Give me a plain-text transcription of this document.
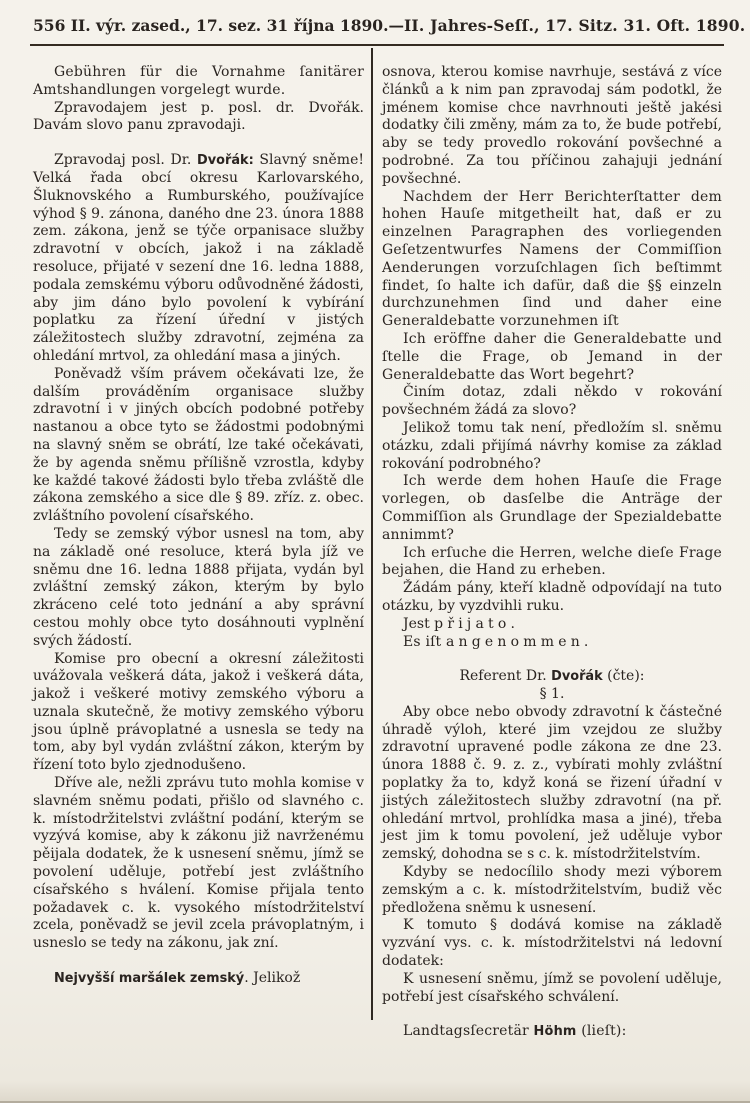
556 II. výr. zased., 17. sez. 31 října 1890. — II. Jahres-Seſſ., 17. Sitz. 31. Oft. 1890.

Gebühren für die Vornahme ſanitärer Amtshandlungen vorgelegt wurde.

Zpravodajem jest p. posl. dr. Dvořák. Davám slovo panu zpravodaji.

Zpravodaj posl. Dr. Dvořák: Slavný sněme! Velká řada obcí okresu Karlovarského, Šluknovského a Rumburského, používajíce výhod § 9. zánona, daného dne 23. února 1888 zem. zákona, jenž se týče orpanisace služby zdravotní v obcích, jakož i na základě resoluce, přijaté v sezení dne 16. ledna 1888, podala zemskému výboru odůvodněné žádosti, aby jim dáno bylo povolení k vybírání poplatku za řízení úřední v jistých záležitostech služby zdravotní, zejména za ohledání mrtvol, za ohledání masa a jiných.

Poněvadž vším právem očekávati lze, že dalším prováděním organisace služby zdravotní i v jiných obcích podobné potřeby nastanou a obce tyto se žádostmi podobnými na slavný sněm se obrátí, lze také očekávati, že by agenda sněmu přílišně vzrostla, kdyby ke každé takové žádosti bylo třeba zvláště dle zákona zemského a sice dle § 89. zříz. z. obec. zvláštního povolení císařského.

Tedy se zemský výbor usnesl na tom, aby na základě oné resoluce, která byla jíž ve sněmu dne 16. ledna 1888 přijata, vydán byl zvláštní zemský zákon, kterým by bylo zkráceno celé toto jednání a aby správní cestou mohly obce tyto dosáhnouti vyplnění svých žádostí.

Komise pro obecní a okresní záležitosti uvážovala veškerá dáta, jakož i veškerá dáta, jakož i veškeré motivy zemského výboru a uznala skutečně, že motivy zemského výboru jsou úplně právoplatné a usnesla se tedy na tom, aby byl vydán zvláštní zákon, kterým by řízení toto bylo zjednodušeno.

Dříve ale, nežli zprávu tuto mohla komise v slavném sněmu podati, přišlo od slavného c. k. místodržitelstvi zvláštní podání, kterým se vyzývá komise, aby k zákonu již navrženému pěijala dodatek, že k usnesení sněmu, jímž se povolení uděluje, potřebí jest zvláštního císařského s hválení. Komise přijala tento požadavek c. k. vysokého místodržitelství zcela, poněvadž se jevil zcela právoplatným, i usneslo se tedy na zákonu, jak zní.

Nejvyšší maršálek zemský. Jelikož

osnova, kterou komise navrhuje, sestává z více článků a k nim pan zpravodaj sám podotkl, že jménem komise chce navrhnouti ještě jakési dodatky čili změny, mám za to, že bude potřebí, aby se tedy provedlo rokování povšechné a podrobné. Za tou příčinou zahajuji jednání povšechné.

Nachdem der Herr Berichterſtatter dem hohen Hauſe mitgetheilt hat, daß er zu einzelnen Paragraphen des vorliegenden Geſetzentwurfes Namens der Commiſſion Aenderungen vorzuſchlagen ſich beſtimmt findet, ſo halte ich dafür, daß die §§ einzeln durchzunehmen ſind und daher eine Generaldebatte vorzunehmen iſt

Ich eröffne daher die Generaldebatte und ſtelle die Frage, ob Jemand in der Generaldebatte das Wort begehrt?

Činím dotaz, zdali někdo v rokování povšechném žádá za slovo?

Jelikož tomu tak není, předložím sl. sněmu otázku, zdali přijímá návrhy komise za základ rokování podrobného?

Ich werde dem hohen Hauſe die Frage vorlegen, ob dasſelbe die Anträge der Commiſſion als Grundlage der Spezialdebatte annimmt?

Ich erſuche die Herren, welche dieſe Frage bejahen, die Hand zu erheben.

Žádám pány, kteří kladně odpovídají na tuto otázku, by vyzdvihli ruku.

Jest přijato.

Es iſt angenommen.

Referent Dr. Dvořák (čte):

§ 1.

Aby obce nebo obvody zdravotní k částečné úhradě výloh, které jim vzejdou ze služby zdravotní upravené podle zákona ze dne 23. února 1888 č. 9. z. z., vybírati mohly zvláštní poplatky ža to, když koná se řizení úřadní v jistých záležitostech služby zdravotní (na př. ohledání mrtvol, prohlídka masa a jiné), třeba jest jim k tomu povolení, jež uděluje vybor zemský, dohodna se s c. k. místodržitelstvím.

Kdyby se nedocílilo shody mezi výborem zemským a c. k. místodržitelstvím, budiž věc předložena sněmu k usnesení.

K tomuto § dodává komise na základě vyzvání vys. c. k. místodržitelstvi ná ledovní dodatek:

K usnesení sněmu, jímž se povolení uděluje, potřebí jest císařského schválení.

Landtagsſecretär Höhm (lieſt):
